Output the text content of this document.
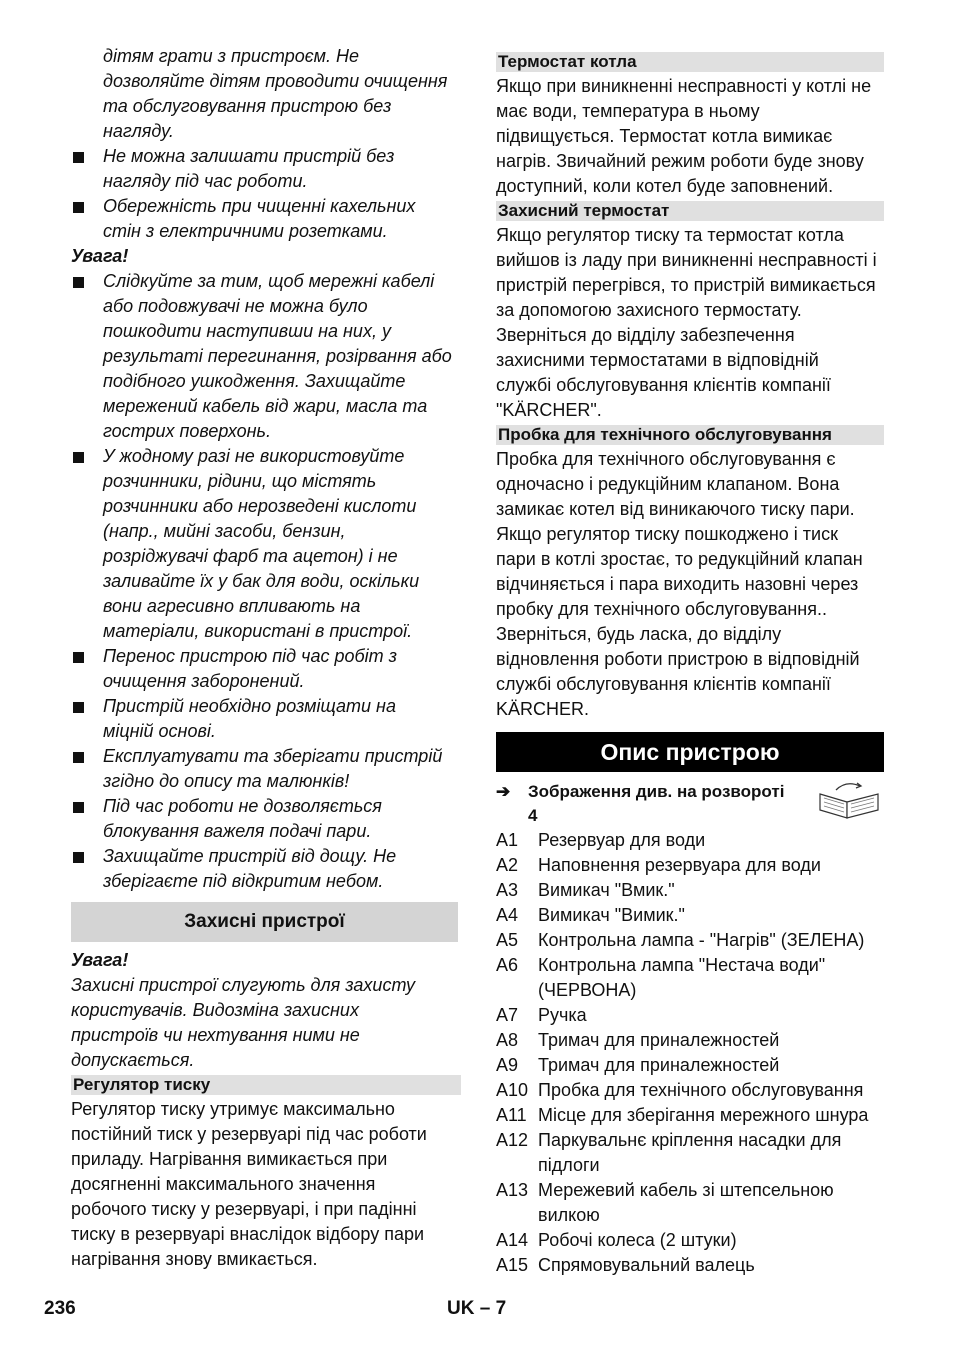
дітям грати з пристроєм. Не
дозволяйте дітям проводити очищення
та обслуговування пристрою без
нагляду.
Не можна залишати пристрій без
нагляду під час роботи.
Обережність при чищенні кахельних
стін з електричними розетками.
Увага!
Слідкуйте за тим, щоб мережні кабелі
або подовжувачі не можна було
пошкодити наступивши на них, у
результаті перегинання, розірвання або
подібного ушкодження. Захищайте
мережений кабель від жари, масла та
гострих поверхонь.
У жодному разі не використовуйте
розчинники, рідини, що містять
розчинники або нерозведені кислоти
(напр., мийні засоби, бензин,
розріджувачі фарб та ацетон) і не
заливайте їх у бак для води, оскільки
вони агресивно впливають на
матеріали, використані в пристрої.
Перенос пристрою під час робіт з
очищення заборонений.
Пристрій необхідно розміщати на
міцній основі.
Експлуатувати та зберігати пристрій
згідно до опису та малюнків!
Під час роботи не дозволяється
блокування важеля подачі пари.
Захищайте пристрій від дощу. Не
зберігаєте під відкритим небом.
Захисні пристрої
Увага!
Захисні пристрої слугують для захисту
користувачів. Видозміна захисних
пристроїв чи нехтування ними не
допускається.
Регулятор тиску
Регулятор тиску утримує максимально
постійний тиск у резервуарі під час роботи
приладу. Нагрівання вимикається при
досягненні максимального значення
робочого тиску у резервуарі, і при падінні
тиску в резервуарі внаслідок відбору пари
нагрівання знову вмикається.
Термостат котла
Якщо при виникненні несправності у котлі не
має води, температура в ньому
підвищується. Термостат котла вимикає
нагрів. Звичайний режим роботи буде знову
доступний, коли котел буде заповнений.
Захисний термостат
Якщо регулятор тиску та термостат котла
вийшов із ладу при виникненні несправності і
пристрій перегрівся, то пристрій вимикається
за допомогою захисного термостату.
Зверніться до відділу забезпечення
захисними термостатами в відповідній
службі обслуговування клієнтів компанії
"KÄRCHER".
Пробка для технічного обслуговування
Пробка для технічного обслуговування є
одночасно і редукційним клапаном. Вона
замикає котел від виникаючого тиску пари.
Якщо регулятор тиску пошкоджено і тиск
пари в котлі зростає, то редукційний клапан
відчиняється і пара виходить назовні через
пробку для технічного обслуговування..
Зверніться, будь ласка, до відділу
відновлення роботи пристрою в відповідній
службі обслуговування клієнтів компанії
KÄRCHER.
Опис пристрою
➔ Зображення див. на розвороті
4
A1	Резервуар для води
A2	Наповнення резервуара для води
A3	Вимикач "Вмик."
A4	Вимикач "Вимик."
A5	Контрольна лампа - "Нагрів" (ЗЕЛЕНА)
A6	Контрольна лампа "Нестача води"
(ЧЕРВОНА)
A7	Ручка
A8	Тримач для приналежностей
A9	Тримач для приналежностей
A10 Пробка для технічного обслуговування
A11 Місце для зберігання мережного шнура
A12 Паркувальнє кріплення насадки для
підлоги
A13 Мережевий кабель зі штепсельною
вилкою
A14 Робочі колеса (2 штуки)
A15 Спрямовувальний валець
236	UK – 7
